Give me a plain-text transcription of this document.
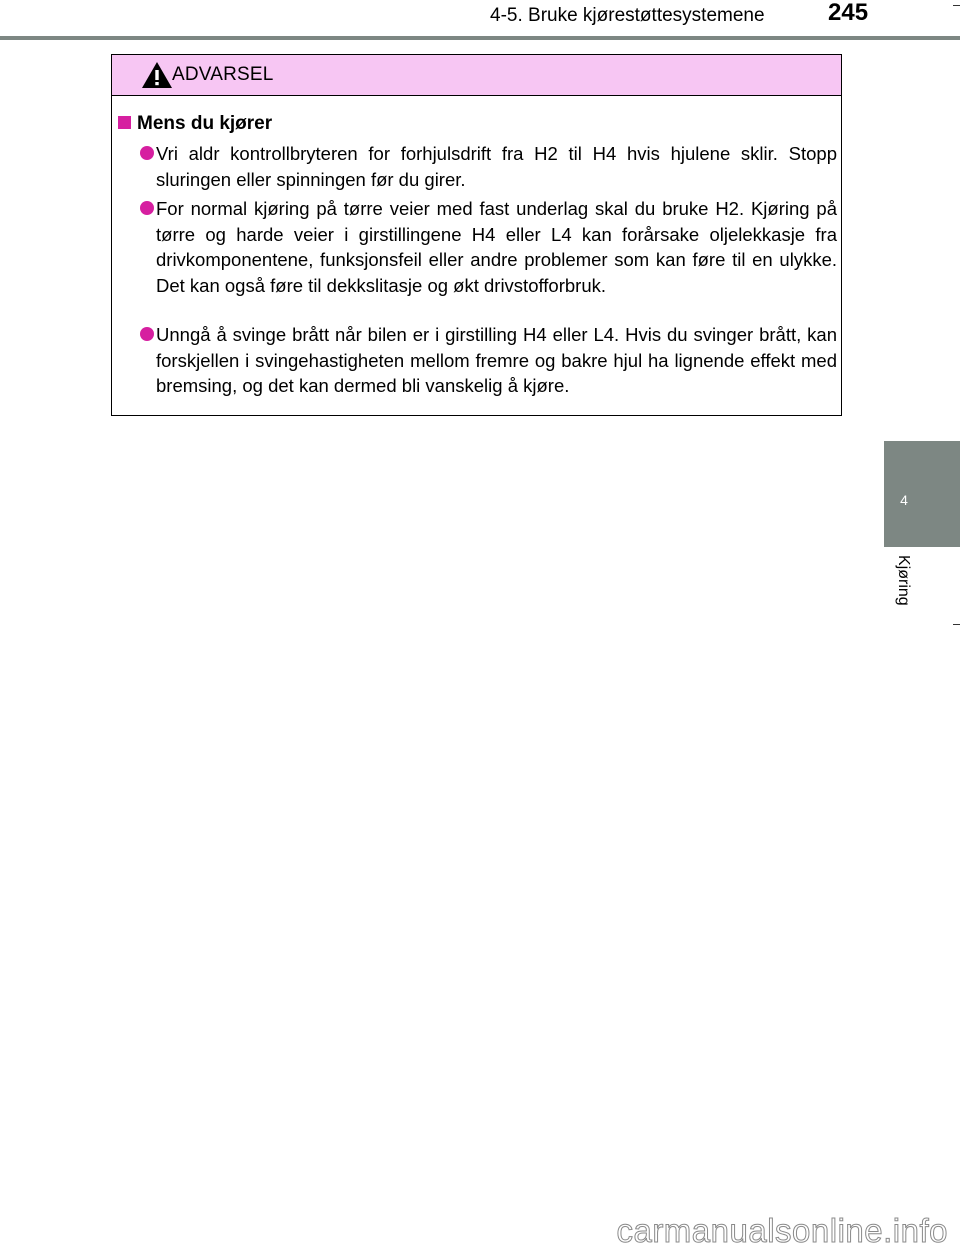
4-5. Bruke kjørestøttesystemene	245
4
Kjøring
ADVARSEL
Mens du kjører
Vri aldr kontrollbryteren for forhjulsdrift fra H2 til H4 hvis hjulene sklir. Stopp sluringen eller spinningen før du girer.
For normal kjøring på tørre veier med fast underlag skal du bruke H2. Kjøring på tørre og harde veier i girstillingene H4 eller L4 kan forårsake oljelekkasje fra drivkomponentene, funksjonsfeil eller andre problemer som kan føre til en ulykke. Det kan også føre til dekkslitasje og økt drivstofforbruk.
Unngå å svinge brått når bilen er i girstilling H4 eller L4. Hvis du svinger brått, kan forskjellen i svingehastigheten mellom fremre og bakre hjul ha lignende effekt med bremsing, og det kan dermed bli vanskelig å kjøre.
carmanualsonline.info
